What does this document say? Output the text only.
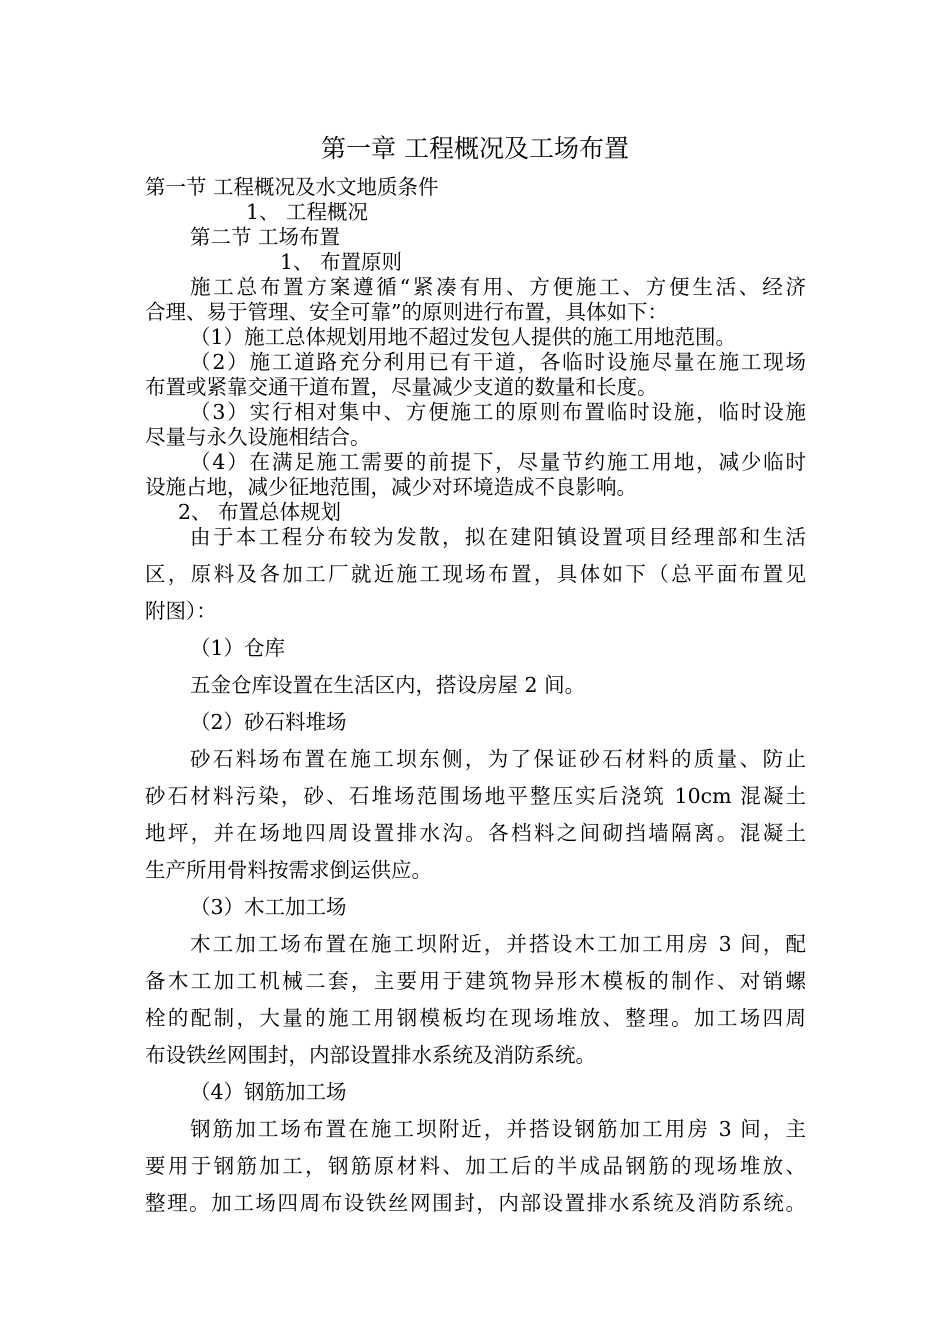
第一章 工程概况及工场布置
第一节 工程概况及水文地质条件
1、 工程概况
第二节 工场布置
1、 布置原则
施工总布置方案遵循“紧凑有用、方便施工、方便生活、经济
合理、易于管理、安全可靠”的原则进行布置，具体如下：
（1）施工总体规划用地不超过发包人提供的施工用地范围。
（2）施工道路充分利用已有干道，各临时设施尽量在施工现场
布置或紧靠交通干道布置，尽量减少支道的数量和长度。
（3）实行相对集中、方便施工的原则布置临时设施，临时设施
尽量与永久设施相结合。
（4）在满足施工需要的前提下，尽量节约施工用地，减少临时
设施占地，减少征地范围，减少对环境造成不良影响。
2、 布置总体规划
由于本工程分布较为发散，拟在建阳镇设置项目经理部和生活
区，原料及各加工厂就近施工现场布置，具体如下（总平面布置见
附图）：
（1）仓库
五金仓库设置在生活区内，搭设房屋 2 间。
（2）砂石料堆场
砂石料场布置在施工坝东侧，为了保证砂石材料的质量、防止
砂石材料污染，砂、石堆场范围场地平整压实后浇筑 10cm 混凝土
地坪，并在场地四周设置排水沟。各档料之间砌挡墙隔离。混凝土
生产所用骨料按需求倒运供应。
（3）木工加工场
木工加工场布置在施工坝附近，并搭设木工加工用房 3 间，配
备木工加工机械二套，主要用于建筑物异形木模板的制作、对销螺
栓的配制，大量的施工用钢模板均在现场堆放、整理。加工场四周
布设铁丝网围封，内部设置排水系统及消防系统。
（4）钢筋加工场
钢筋加工场布置在施工坝附近，并搭设钢筋加工用房 3 间，主
要用于钢筋加工，钢筋原材料、加工后的半成品钢筋的现场堆放、
整理。加工场四周布设铁丝网围封，内部设置排水系统及消防系统。
